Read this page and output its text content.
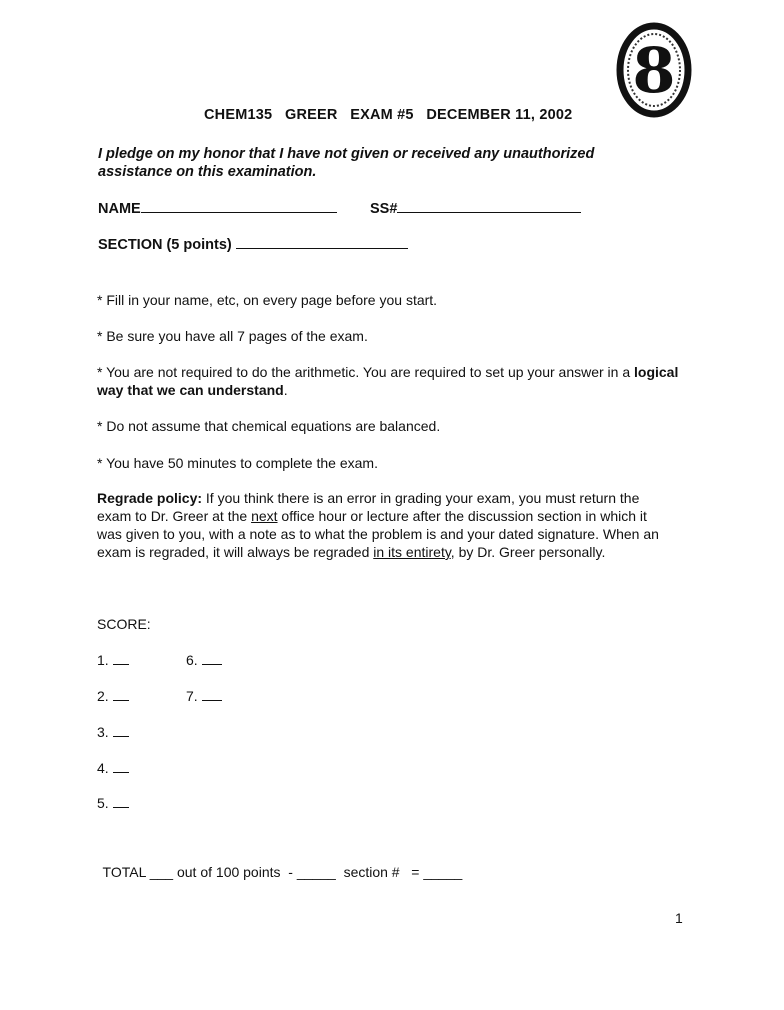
8
CHEM135   GREER   EXAM #5   DECEMBER 11, 2002
I pledge on my honor that I have not given or received any unauthorized assistance on this examination.
NAME	SS#
SECTION (5 points)
* Fill in your name, etc, on every page before you start.
* Be sure you have all 7 pages of the exam.
* You are not required to do the arithmetic. You are required to set up your answer in a logical way that we can understand.
* Do not assume that chemical equations are balanced.
* You have 50 minutes to complete the exam.
Regrade policy: If you think there is an error in grading your exam, you must return the exam to Dr. Greer at the next office hour or lecture after the discussion section in which it was given to you, with a note as to what the problem is and your dated signature. When an exam is regraded, it will always be regraded in its entirety, by Dr. Greer personally.
SCORE:
1.
2.
3.
4.
5.
6.
7.

TOTAL ___ out of 100 points  - _____ section #   = _____

1
